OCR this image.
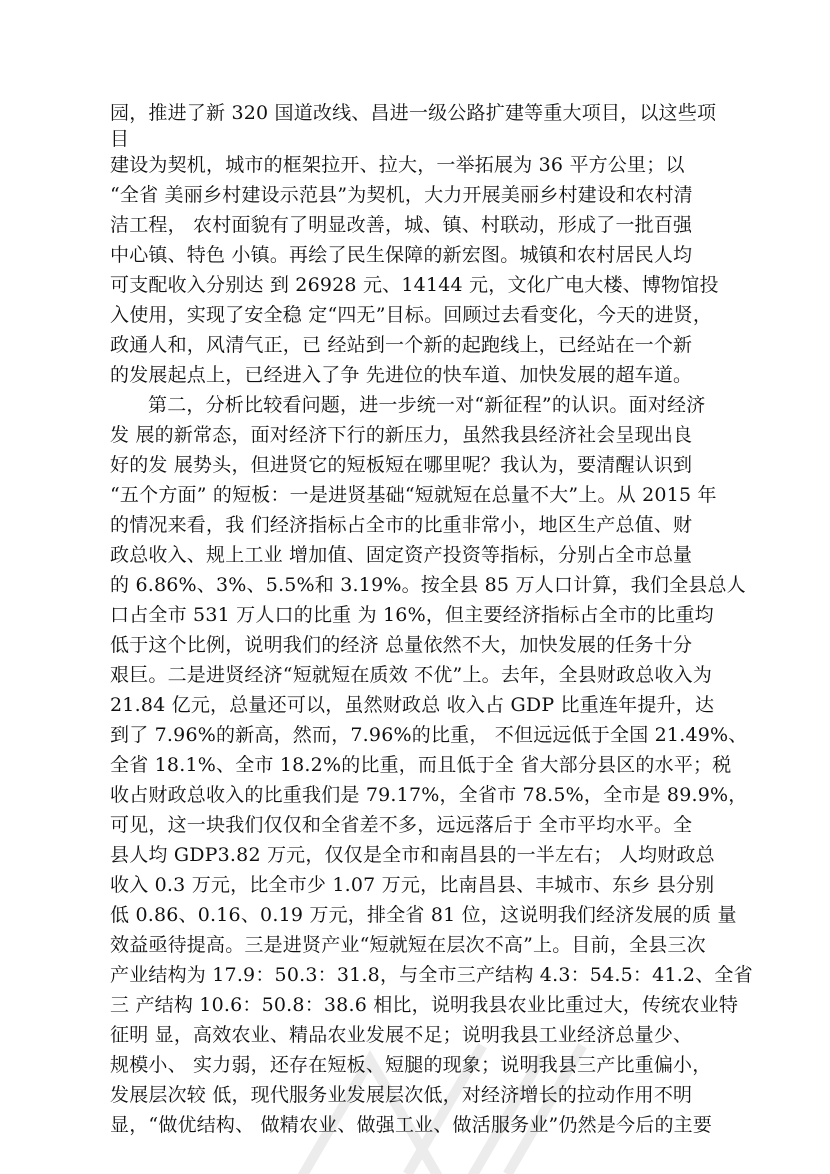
园，推进了新 320 国道改线、昌进一级公路扩建等重大项目，以这些项
目
建设为契机，城市的框架拉开、拉大，一举拓展为 36 平方公里；以
“全省 美丽乡村建设示范县”为契机，大力开展美丽乡村建设和农村清
洁工程， 农村面貌有了明显改善，城、镇、村联动，形成了一批百强
中心镇、特色 小镇。再绘了民生保障的新宏图。城镇和农村居民人均
可支配收入分别达 到 26928 元、14144 元，文化广电大楼、博物馆投
入使用，实现了安全稳 定“四无”目标。回顾过去看变化，今天的进贤，
政通人和，风清气正，已 经站到一个新的起跑线上，已经站在一个新
的发展起点上，已经进入了争 先进位的快车道、加快发展的超车道。
第二，分析比较看问题，进一步统一对“新征程”的认识。面对经济
发 展的新常态，面对经济下行的新压力，虽然我县经济社会呈现出良
好的发 展势头，但进贤它的短板短在哪里呢？我认为，要清醒认识到
“五个方面” 的短板：一是进贤基础“短就短在总量不大”上。从 2015 年
的情况来看，我 们经济指标占全市的比重非常小，地区生产总值、财
政总收入、规上工业 增加值、固定资产投资等指标，分别占全市总量
的 6.86%、3%、5.5%和 3.19%。按全县 85 万人口计算，我们全县总人
口占全市 531 万人口的比重 为 16%，但主要经济指标占全市的比重均
低于这个比例，说明我们的经济 总量依然不大，加快发展的任务十分
艰巨。二是进贤经济“短就短在质效 不优”上。去年，全县财政总收入为
21.84 亿元，总量还可以，虽然财政总 收入占 GDP 比重连年提升，达
到了 7.96%的新高，然而，7.96%的比重， 不但远远低于全国 21.49%、
全省 18.1%、全市 18.2%的比重，而且低于全 省大部分县区的水平；税
收占财政总收入的比重我们是 79.17%，全省市 78.5%，全市是 89.9%，
可见，这一块我们仅仅和全省差不多，远远落后于 全市平均水平。全
县人均 GDP3.82 万元，仅仅是全市和南昌县的一半左右； 人均财政总
收入 0.3 万元，比全市少 1.07 万元，比南昌县、丰城市、东乡 县分别
低 0.86、0.16、0.19 万元，排全省 81 位，这说明我们经济发展的质 量
效益亟待提高。三是进贤产业“短就短在层次不高”上。目前，全县三次
产业结构为 17.9：50.3：31.8，与全市三产结构 4.3：54.5：41.2、全省
三 产结构 10.6：50.8：38.6 相比，说明我县农业比重过大，传统农业特
征明 显，高效农业、精品农业发展不足；说明我县工业经济总量少、
规模小、 实力弱，还存在短板、短腿的现象；说明我县三产比重偏小，
发展层次较 低，现代服务业发展层次低，对经济增长的拉动作用不明
显，“做优结构、 做精农业、做强工业、做活服务业”仍然是今后的主要
